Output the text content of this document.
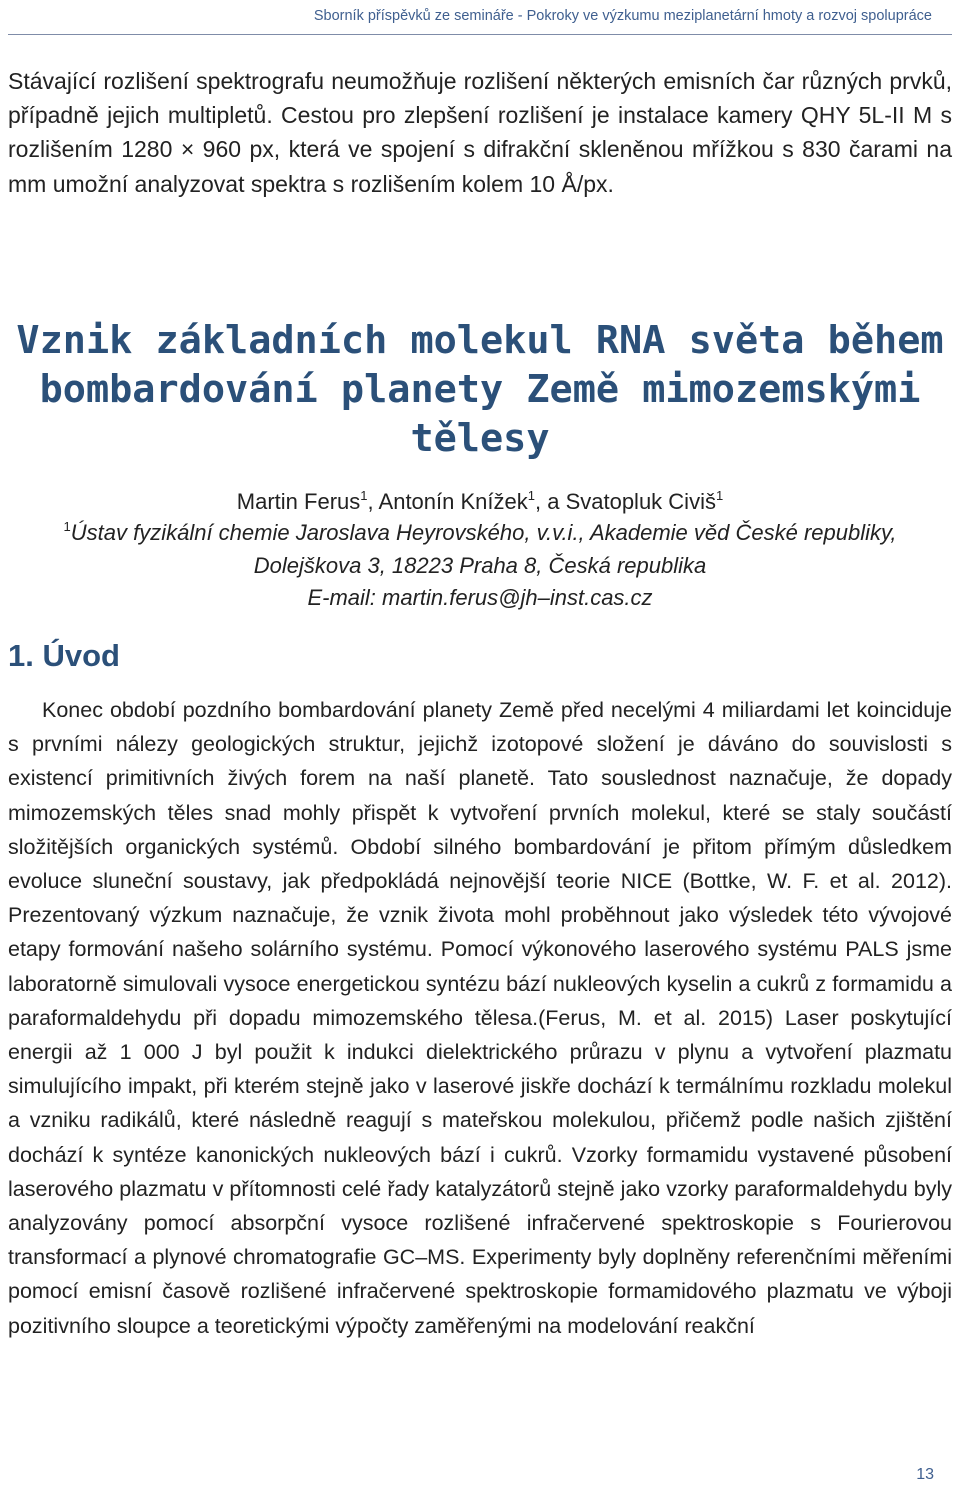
Sborník příspěvků ze semináře - Pokroky ve výzkumu meziplanetární hmoty a rozvoj spolupráce

Stávající rozlišení spektrografu neumožňuje rozlišení některých emisních čar různých prvků, případně jejich multipletů. Cestou pro zlepšení rozlišení je instalace kamery QHY 5L-II M s rozlišením 1280 × 960 px, která ve spojení s difrakční skleněnou mřížkou s 830 čarami na mm umožní analyzovat spektra s rozlišením kolem 10 Å/px.

Vznik základních molekul RNA světa během bombardování planety Země mimozemskými tělesy

Martin Ferus$^1$, Antonín Knížek$^1$, a Svatopluk Civiš$^1$

$^1$Ústav fyzikální chemie Jaroslava Heyrovského, v.v.i., Akademie věd České republiky, Dolejškova 3, 18223 Praha 8, Česká republika
E-mail: martin.ferus@jh–inst.cas.cz

1. Úvod

Konec období pozdního bombardování planety Země před necelými 4 miliardami let koinciduje s prvními nálezy geologických struktur, jejichž izotopové složení je dáváno do souvislosti s existencí primitivních živých forem na naší planetě. Tato souslednost naznačuje, že dopady mimozemských těles snad mohly přispět k vytvoření prvních molekul, které se staly součástí složitějších organických systémů. Období silného bombardování je přitom přímým důsledkem evoluce sluneční soustavy, jak předpokládá nejnovější teorie NICE (Bottke, W. F. et al. 2012). Prezentovaný výzkum naznačuje, že vznik života mohl proběhnout jako výsledek této vývojové etapy formování našeho solárního systému. Pomocí výkonového laserového systému PALS jsme laboratorně simulovali vysoce energetickou syntézu bází nukleových kyselin a cukrů z formamidu a paraformaldehydu při dopadu mimozemského tělesa.(Ferus, M. et al. 2015) Laser poskytující energii až 1 000 J byl použit k indukci dielektrického průrazu v plynu a vytvoření plazmatu simulujícího impakt, při kterém stejně jako v laserové jiskře dochází k termálnímu rozkladu molekul a vzniku radikálů, které následně reagují s mateřskou molekulou, přičemž podle našich zjištění dochází k syntéze kanonických nukleových bází i cukrů. Vzorky formamidu vystavené působení laserového plazmatu v přítomnosti celé řady katalyzátorů stejně jako vzorky paraformaldehydu byly analyzovány pomocí absorpční vysoce rozlišené infračervené spektroskopie s Fourierovou transformací a plynové chromatografie GC–MS. Experimenty byly doplněny referenčními měřeními pomocí emisní časově rozlišené infračervené spektroskopie formamidového plazmatu ve výboji pozitivního sloupce a teoretickými výpočty zaměřenými na modelování reakční

13
